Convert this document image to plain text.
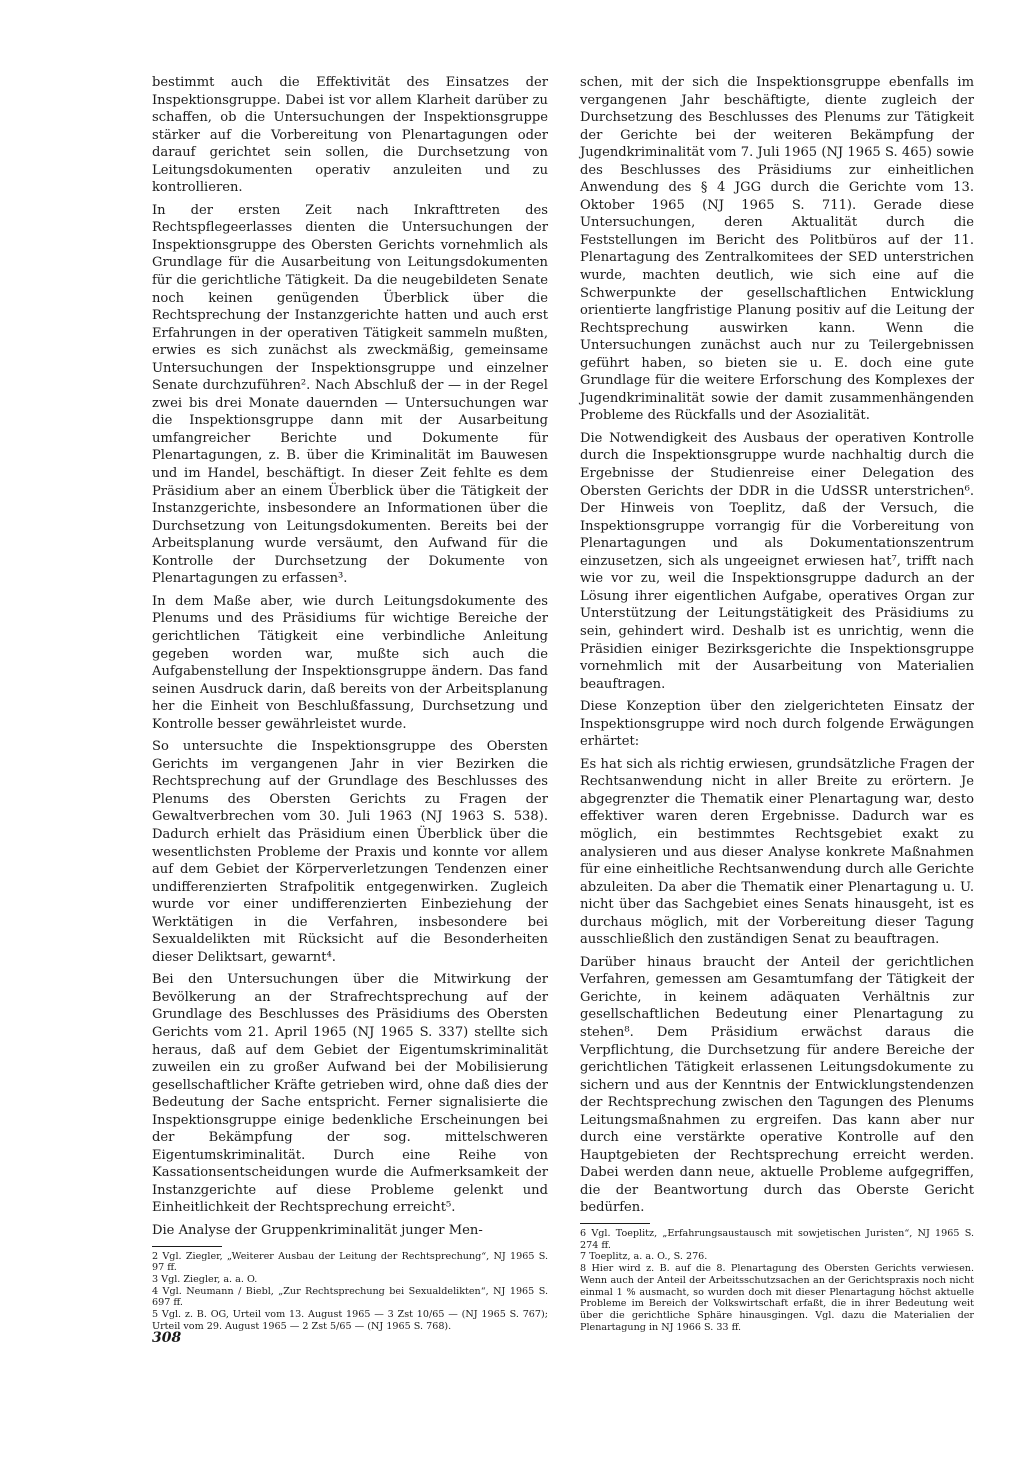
bestimmt auch die Effektivität des Einsatzes der Inspektionsgruppe. Dabei ist vor allem Klarheit darüber zu schaffen, ob die Untersuchungen der Inspektionsgruppe stärker auf die Vorbereitung von Plenartagungen oder darauf gerichtet sein sollen, die Durchsetzung von Leitungsdokumenten operativ anzuleiten und zu kontrollieren.

In der ersten Zeit nach Inkrafttreten des Rechtspflegeerlasses dienten die Untersuchungen der Inspektionsgruppe des Obersten Gerichts vornehmlich als Grundlage für die Ausarbeitung von Leitungsdokumenten für die gerichtliche Tätigkeit. Da die neugebildeten Senate noch keinen genügenden Überblick über die Rechtsprechung der Instanzgerichte hatten und auch erst Erfahrungen in der operativen Tätigkeit sammeln mußten, erwies es sich zunächst als zweckmäßig, gemeinsame Untersuchungen der Inspektionsgruppe und einzelner Senate durchzuführen². Nach Abschluß der — in der Regel zwei bis drei Monate dauernden — Untersuchungen war die Inspektionsgruppe dann mit der Ausarbeitung umfangreicher Berichte und Dokumente für Plenartagungen, z. B. über die Kriminalität im Bauwesen und im Handel, beschäftigt. In dieser Zeit fehlte es dem Präsidium aber an einem Überblick über die Tätigkeit der Instanzgerichte, insbesondere an Informationen über die Durchsetzung von Leitungsdokumenten. Bereits bei der Arbeitsplanung wurde versäumt, den Aufwand für die Kontrolle der Durchsetzung der Dokumente von Plenartagungen zu erfassen³.

In dem Maße aber, wie durch Leitungsdokumente des Plenums und des Präsidiums für wichtige Bereiche der gerichtlichen Tätigkeit eine verbindliche Anleitung gegeben worden war, mußte sich auch die Aufgabenstellung der Inspektionsgruppe ändern. Das fand seinen Ausdruck darin, daß bereits von der Arbeitsplanung her die Einheit von Beschlußfassung, Durchsetzung und Kontrolle besser gewährleistet wurde.

So untersuchte die Inspektionsgruppe des Obersten Gerichts im vergangenen Jahr in vier Bezirken die Rechtsprechung auf der Grundlage des Beschlusses des Plenums des Obersten Gerichts zu Fragen der Gewaltverbrechen vom 30. Juli 1963 (NJ 1963 S. 538). Dadurch erhielt das Präsidium einen Überblick über die wesentlichsten Probleme der Praxis und konnte vor allem auf dem Gebiet der Körperverletzungen Tendenzen einer undifferenzierten Strafpolitik entgegenwirken. Zugleich wurde vor einer undifferenzierten Einbeziehung der Werktätigen in die Verfahren, insbesondere bei Sexualdelikten mit Rücksicht auf die Besonderheiten dieser Deliktsart, gewarnt⁴.

Bei den Untersuchungen über die Mitwirkung der Bevölkerung an der Strafrechtsprechung auf der Grundlage des Beschlusses des Präsidiums des Obersten Gerichts vom 21. April 1965 (NJ 1965 S. 337) stellte sich heraus, daß auf dem Gebiet der Eigentumskriminalität zuweilen ein zu großer Aufwand bei der Mobilisierung gesellschaftlicher Kräfte getrieben wird, ohne daß dies der Bedeutung der Sache entspricht. Ferner signalisierte die Inspektionsgruppe einige bedenkliche Erscheinungen bei der Bekämpfung der sog. mittelschweren Eigentumskriminalität. Durch eine Reihe von Kassationsentscheidungen wurde die Aufmerksamkeit der Instanzgerichte auf diese Probleme gelenkt und Einheitlichkeit der Rechtsprechung erreicht⁵.

Die Analyse der Gruppenkriminalität junger Men-

2 Vgl. Ziegler, „Weiterer Ausbau der Leitung der Rechtsprechung“, NJ 1965 S. 97 ff.

3 Vgl. Ziegler, a. a. O.

4 Vgl. Neumann / Biebl, „Zur Rechtsprechung bei Sexualdelikten“, NJ 1965 S. 697 ff.

5 Vgl. z. B. OG, Urteil vom 13. August 1965 — 3 Zst 10/65 — (NJ 1965 S. 767); Urteil vom 29. August 1965 — 2 Zst 5/65 — (NJ 1965 S. 768).

schen, mit der sich die Inspektionsgruppe ebenfalls im vergangenen Jahr beschäftigte, diente zugleich der Durchsetzung des Beschlusses des Plenums zur Tätigkeit der Gerichte bei der weiteren Bekämpfung der Jugendkriminalität vom 7. Juli 1965 (NJ 1965 S. 465) sowie des Beschlusses des Präsidiums zur einheitlichen Anwendung des § 4 JGG durch die Gerichte vom 13. Oktober 1965 (NJ 1965 S. 711). Gerade diese Untersuchungen, deren Aktualität durch die Feststellungen im Bericht des Politbüros auf der 11. Plenartagung des Zentralkomitees der SED unterstrichen wurde, machten deutlich, wie sich eine auf die Schwerpunkte der gesellschaftlichen Entwicklung orientierte langfristige Planung positiv auf die Leitung der Rechtsprechung auswirken kann. Wenn die Untersuchungen zunächst auch nur zu Teilergebnissen geführt haben, so bieten sie u. E. doch eine gute Grundlage für die weitere Erforschung des Komplexes der Jugendkriminalität sowie der damit zusammenhängenden Probleme des Rückfalls und der Asozialität.

Die Notwendigkeit des Ausbaus der operativen Kontrolle durch die Inspektionsgruppe wurde nachhaltig durch die Ergebnisse der Studienreise einer Delegation des Obersten Gerichts der DDR in die UdSSR unterstrichen⁶. Der Hinweis von Toeplitz, daß der Versuch, die Inspektionsgruppe vorrangig für die Vorbereitung von Plenartagungen und als Dokumentationszentrum einzusetzen, sich als ungeeignet erwiesen hat⁷, trifft nach wie vor zu, weil die Inspektionsgruppe dadurch an der Lösung ihrer eigentlichen Aufgabe, operatives Organ zur Unterstützung der Leitungstätigkeit des Präsidiums zu sein, gehindert wird. Deshalb ist es unrichtig, wenn die Präsidien einiger Bezirksgerichte die Inspektionsgruppe vornehmlich mit der Ausarbeitung von Materialien beauftragen.

Diese Konzeption über den zielgerichteten Einsatz der Inspektionsgruppe wird noch durch folgende Erwägungen erhärtet:

Es hat sich als richtig erwiesen, grundsätzliche Fragen der Rechtsanwendung nicht in aller Breite zu erörtern. Je abgegrenzter die Thematik einer Plenartagung war, desto effektiver waren deren Ergebnisse. Dadurch war es möglich, ein bestimmtes Rechtsgebiet exakt zu analysieren und aus dieser Analyse konkrete Maßnahmen für eine einheitliche Rechtsanwendung durch alle Gerichte abzuleiten. Da aber die Thematik einer Plenartagung u. U. nicht über das Sachgebiet eines Senats hinausgeht, ist es durchaus möglich, mit der Vorbereitung dieser Tagung ausschließlich den zuständigen Senat zu beauftragen.

Darüber hinaus braucht der Anteil der gerichtlichen Verfahren, gemessen am Gesamtumfang der Tätigkeit der Gerichte, in keinem adäquaten Verhältnis zur gesellschaftlichen Bedeutung einer Plenartagung zu stehen⁸. Dem Präsidium erwächst daraus die Verpflichtung, die Durchsetzung für andere Bereiche der gerichtlichen Tätigkeit erlassenen Leitungsdokumente zu sichern und aus der Kenntnis der Entwicklungstendenzen der Rechtsprechung zwischen den Tagungen des Plenums Leitungsmaßnahmen zu ergreifen. Das kann aber nur durch eine verstärkte operative Kontrolle auf den Hauptgebieten der Rechtsprechung erreicht werden. Dabei werden dann neue, aktuelle Probleme aufgegriffen, die der Beantwortung durch das Oberste Gericht bedürfen.

6 Vgl. Toeplitz, „Erfahrungsaustausch mit sowjetischen Juristen“, NJ 1965 S. 274 ff.

7 Toeplitz, a. a. O., S. 276.

8 Hier wird z. B. auf die 8. Plenartagung des Obersten Gerichts verwiesen. Wenn auch der Anteil der Arbeitsschutzsachen an der Gerichtspraxis noch nicht einmal 1 % ausmacht, so wurden doch mit dieser Plenartagung höchst aktuelle Probleme im Bereich der Volkswirtschaft erfaßt, die in ihrer Bedeutung weit über die gerichtliche Sphäre hinausgingen. Vgl. dazu die Materialien der Plenartagung in NJ 1966 S. 33 ff.

308
